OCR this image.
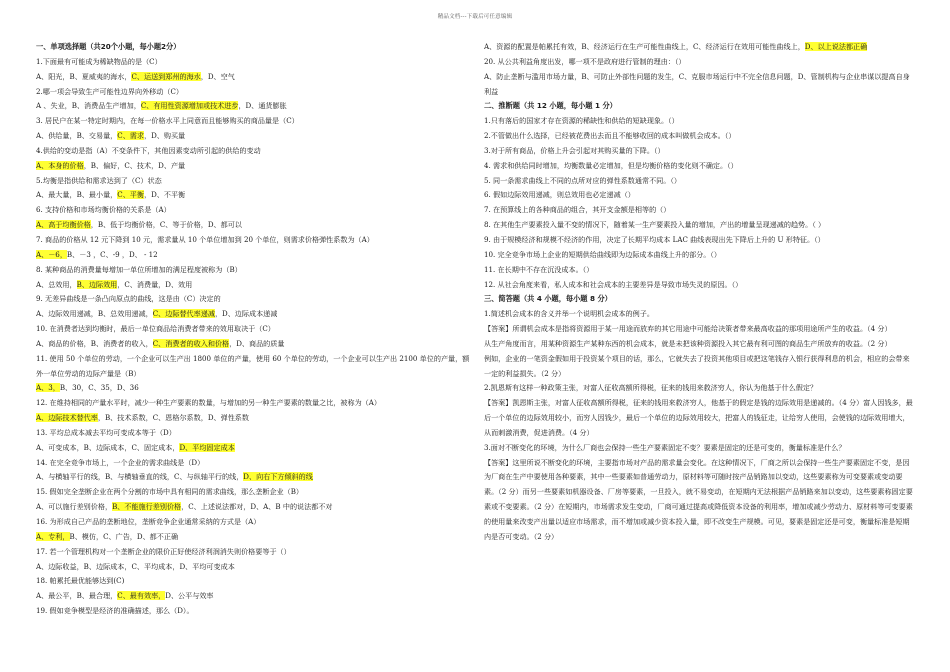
精品文档---下载后可任意编辑
一、单项选择题（共20个小题，每小题2分）
1.下面最有可能成为稀缺物品的是（C）
A、阳光，B、夏威夷的海水，C、运送到郑州的海水，D、空气
2.哪一项会导致生产可能性边界向外移动（C）
A 、失业，B、消费品生产增加，C、有用性资源增加或技术进步，D、通货膨胀
3. 居民户在某一特定时期内，在每一价格水平上同意而且能够购买的商品量是（C）
A、供给量，B、交易量，C、需求，D、购买量
4.供给的变动是指（A）不变条件下，其他因素变动所引起的供给的变动
A、本身的价格，B、偏好，C、技术，D、产量
5.均衡是指供给和需求达到了（C）状态
A、最大量，B、最小量，C、平衡，D、不平衡
6. 支持价格和市场均衡价格的关系是（A）
A、高于均衡价格，B、低于均衡价格，C、等于价格，D、都可以
7. 商品的价格从 12 元下降到 10 元，需求量从 10 个单位增加到 20 个单位，则需求价格弹性系数为（A）
A、－6，B、－3 ，C、-9 ，D、 - 12
8. 某种商品的消费量每增加一单位所增加的满足程度被称为（B）
A、总效用，B、边际效用，C、消费量，D、效用
9. 无差异曲线是一条凸向原点的曲线，这是由（C）决定的
A、边际效用递减，B、总效用递减，C、边际替代率递减，D、边际成本递减
10. 在消费者达到均衡时，最后一单位商品给消费者带来的效用取决于（C）
A、商品的价格，B、消费者的收入，C、消费者的收入和价格，D、商品的质量
11. 使用 50 个单位的劳动，一个企业可以生产出 1800 单位的产量，使用 60 个单位的劳动，一个企业可以生产出 2100 单位的产量，额外一单位劳动的边际产量是（B）
A、3，B、30，C、35，D、36
12. 在维持相同的产量水平时，减少一种生产要素的数量，与增加的另一种生产要素的数量之比，被称为（A）
A、边际技术替代率，B、技术系数，C、恩格尔系数，D、弹性系数
13. 平均总成本减去平均可变成本等于（D）
A、可变成本，B、边际成本，C、固定成本，D、平均固定成本
14. 在完全竞争市场上，一个企业的需求曲线是（D）
A、与横轴平行的线，B、与横轴垂直的线，C、与纵轴平行的线，D、向右下方倾斜的线
15. 假如完全垄断企业在两个分割的市场中具有相同的需求曲线，那么垄断企业（B）
A、可以施行差别价格，B、不能施行差别价格，C、上述说法都对，D、A、B 中的说法都不对
16. 为形成自己产品的垄断地位，垄断竞争企业通常采纳的方式是（A）
A、专利，B、模仿，C、广告，D、都不正确
17. 若一个管理机构对一个垄断企业的限价正好使经济利润消失则价格要等于（）
A、边际收益，B、边际成本，C、平均成本，D、平均可变成本
18. 帕累托最优能够达到(C)
A、最公平，B、最合理，C、最有效率，D、公平与效率
19. 假如竞争模型是经济的准确描述，那么（D）。
A、资源的配置是帕累托有效，B、经济运行在生产可能性曲线上，C、经济运行在效用可能性曲线上，D、以上说法都正确
20. 从公共利益角度出发，哪一项不是政府进行管制的理由：（）
A、防止垄断与滥用市场力量，B、可防止外部性问题的发生，C、克服市场运行中不完全信息问题，D、管制机构与企业串谋以提高自身利益
二、推断题（共 12 小题，每小题 1 分）
1.只有落后的国家才存在资源的稀缺性和供给的短缺现象。（）
2.不管做出什么选择，已经被花费出去而且不能够收回的成本叫做机会成本。（）
3.对于所有商品，价格上升会引起对其购买量的下降。（）
4. 需求和供给同时增加，均衡数量必定增加，但是均衡价格的变化则不确定。（）
5. 同一条需求曲线上不同的点所对应的弹性系数通常不同。（）
6. 假如边际效用递减，则总效用也必定递减（）
7. 在预算线上的各种商品的组合，其开支金额是相等的（）
8. 在其他生产要素投入量不变的情况下，随着某一生产要素投入量的增加，产出的增量呈现递减的趋势。（ ）
9. 由于规模经济和规模不经济的作用，决定了长期平均成本 LAC 曲线表现出先下降后上升的 U 形特征。（）
10. 完全竞争市场上企业的短期供给曲线即为边际成本曲线上升的部分。（）
11. 在长期中不存在沉没成本。（）
12. 从社会角度来看，私人成本和社会成本的主要差异是导致市场失灵的原因。（）
三、简答题（共 4 小题，每小题 8 分）
1.简述机会成本的含义并举一个说明机会成本的例子。
【答案】所谓机会成本是指将资源用于某一用途而放弃的其它用途中可能给决策者带来最高收益的那项用途所产生的收益。（4 分）
从生产角度而言，用某种资源生产某种东西的机会成本，就是未把该种资源投入其它最有利可图的商品生产所放弃的收益。（2 分）
例如，企业的一笔资金假如用于投资某个项目的话，那么，它就失去了投资其他项目或把这笔钱存入银行获得利息的机会，相应的会带来一定的利益损失。（2 分）
2.凯恩斯有这样一种政策主张，对富人征收高额所得税，征来的钱用来救济穷人，你认为他基于什么假定？
【答案】凯恩斯主张，对富人征收高额所得税，征来的钱用来救济穷人，他基于的假定是钱的边际效用是递减的。（4 分）富人因钱多，最后一个单位的边际效用较小，而穷人因钱少，最后一个单位的边际效用较大，把富人的钱征走，让给穷人使用，会使钱的边际效用增大，从而刺激消费，促进消费。（4 分）
3.面对不断变化的环境，为什么厂商也会保持一些生产要素固定不变？要素是固定的还是可变的，衡量标准是什么？
【答案】这里所说不断变化的环境，主要指市场对产品的需求量会变化。在这种情况下，厂商之所以会保持一些生产要素固定不变，是因为厂商在生产中要使用各种要素，其中一些要素如普通劳动力，原材料等可随时按产品销路加以变动，这些要素称为可变要素或变动要素。（2 分）而另一些要素如机器设备、厂房等要素，一旦投入，就不易变动，在短期内无法根据产品销路来加以变动，这些要素称固定要素或不变要素。（2 分）在短期内，市场需求发生变动，厂商可通过提高或降低资本设备的利用率，增加或减少劳动力、原材料等可变要素的使用量来改变产出量以适应市场需求，而不增加或减少资本投入量，即不改变生产规模。可见，要素是固定还是可变，衡量标准是短期内是否可变动。（2 分）
